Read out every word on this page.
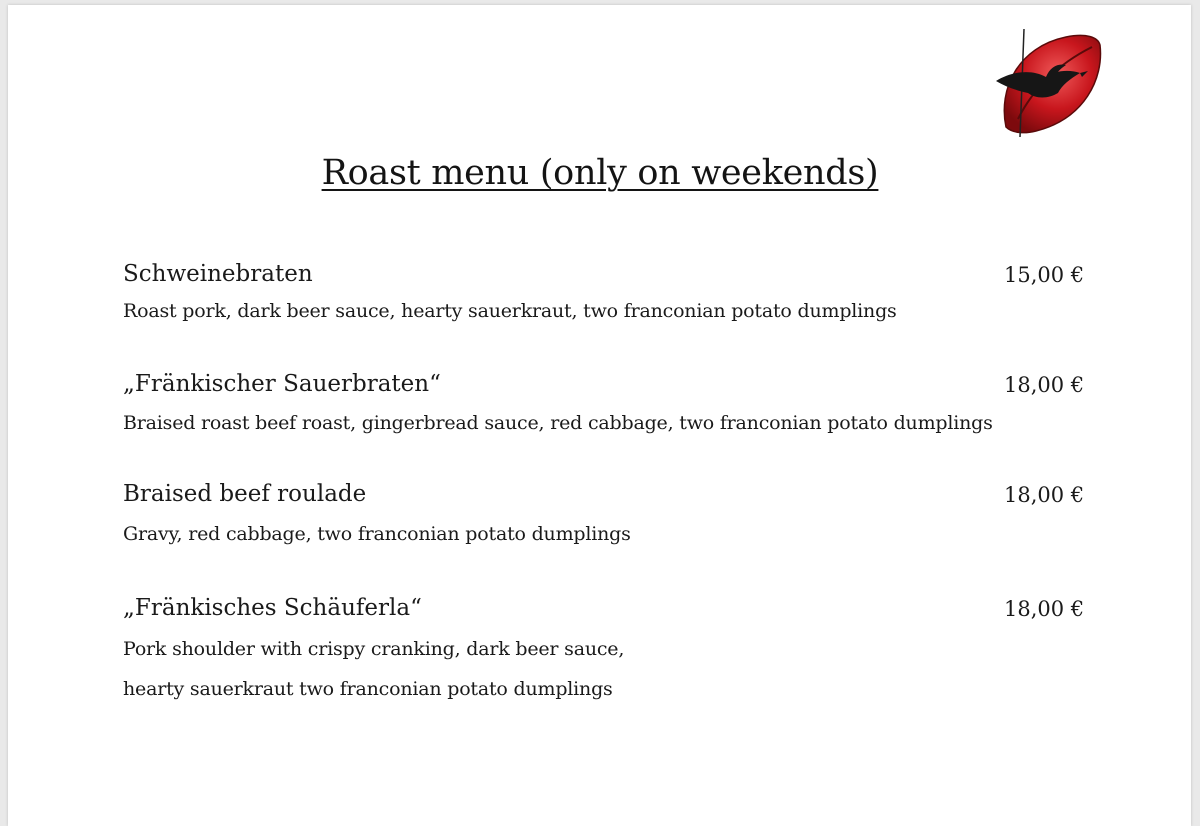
Roast menu (only on weekends)
Schweinebraten	15,00 €
Roast pork, dark beer sauce, hearty sauerkraut, two franconian potato dumplings
„Fränkischer Sauerbraten“	18,00 €
Braised roast beef roast, gingerbread sauce, red cabbage, two franconian potato dumplings
Braised beef roulade	18,00 €
Gravy, red cabbage, two franconian potato dumplings
„Fränkisches Schäuferla“	18,00 €
Pork shoulder with crispy cranking, dark beer sauce,
hearty sauerkraut two franconian potato dumplings
